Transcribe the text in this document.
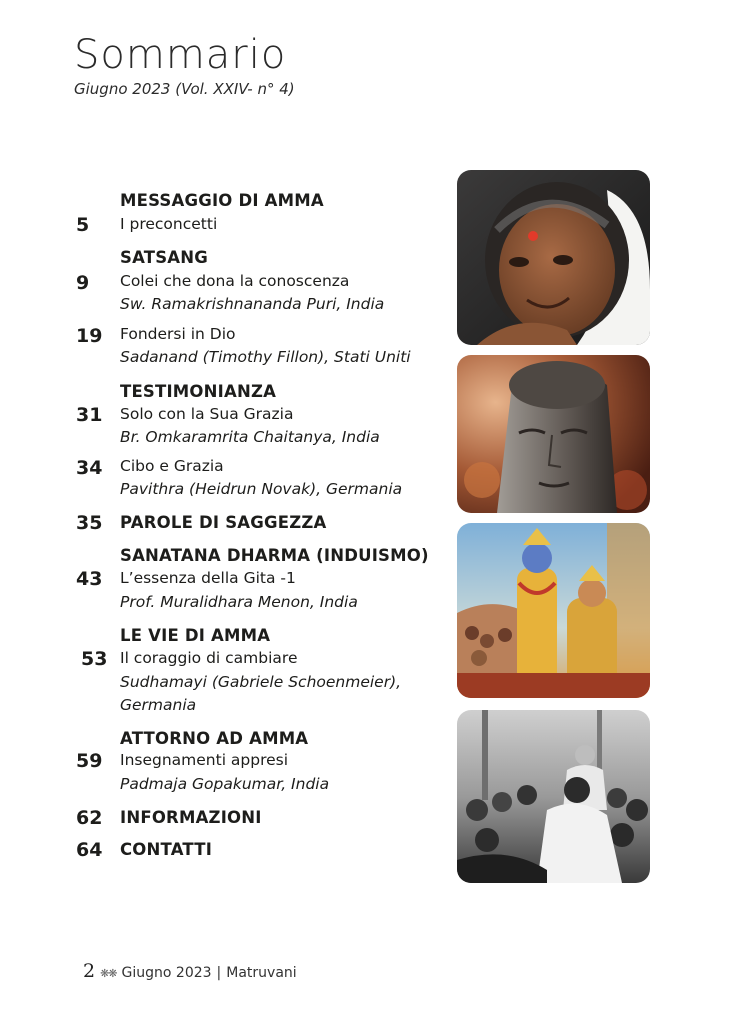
Sommario
Giugno 2023 (Vol. XXIV- n° 4)
MESSAGGIO DI AMMA
5	I preconcetti
SATSANG
9	Colei che dona la conoscenza
Sw. Ramakrishnananda Puri, India
19 Fondersi in Dio
Sadanand (Timothy Fillon), Stati Uniti
TESTIMONIANZA
31 Solo con la Sua Grazia
Br. Omkaramrita Chaitanya, India
34 Cibo e Grazia
Pavithra (Heidrun Novak), Germania
35 PAROLE DI SAGGEZZA
SANATANA DHARMA (INDUISMO)
43 L’essenza della Gita -1
Prof. Muralidhara Menon, India
LE VIE DI AMMA
53 Il coraggio di cambiare
Sudhamayi (Gabriele Schoenmeier),
Germania
ATTORNO AD AMMA
59 Insegnamenti appresi
Padmaja Gopakumar, India
62 INFORMAZIONI
64 CONTATTI
2 ❋❋ Giugno 2023 | Matruvani
